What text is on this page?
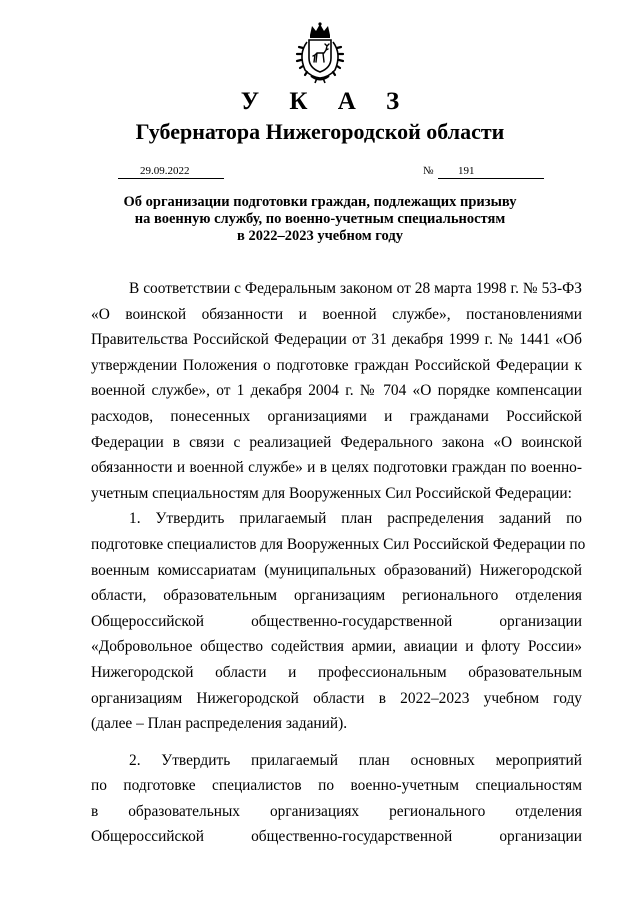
У К А З
Губернатора Нижегородской области
29.09.2022	№	191
Об организации подготовки граждан, подлежащих призыву
на военную службу, по военно-учетным специальностям
в 2022–2023 учебном году
В соответствии с Федеральным законом от 28 марта 1998 г. № 53-ФЗ
«О воинской обязанности и военной службе», постановлениями
Правительства Российской Федерации от 31 декабря 1999 г. № 1441 «Об
утверждении Положения о подготовке граждан Российской Федерации к
военной службе», от 1 декабря 2004 г. № 704 «О порядке компенсации
расходов, понесенных организациями и гражданами Российской
Федерации в связи с реализацией Федерального закона «О воинской
обязанности и военной службе» и в целях подготовки граждан по военно-
учетным специальностям для Вооруженных Сил Российской Федерации:
1. Утвердить прилагаемый план распределения заданий по
подготовке специалистов для Вооруженных Сил Российской Федерации по
военным комиссариатам (муниципальных образований) Нижегородской
области, образовательным организациям регионального отделения
Общероссийской общественно-государственной организации
«Добровольное общество содействия армии, авиации и флоту России»
Нижегородской области и профессиональным образовательным
организациям Нижегородской области в 2022–2023 учебном году
(далее – План распределения заданий).
2. Утвердить прилагаемый план основных мероприятий
по подготовке специалистов по военно-учетным специальностям
в образовательных организациях регионального отделения
Общероссийской общественно-государственной организации
